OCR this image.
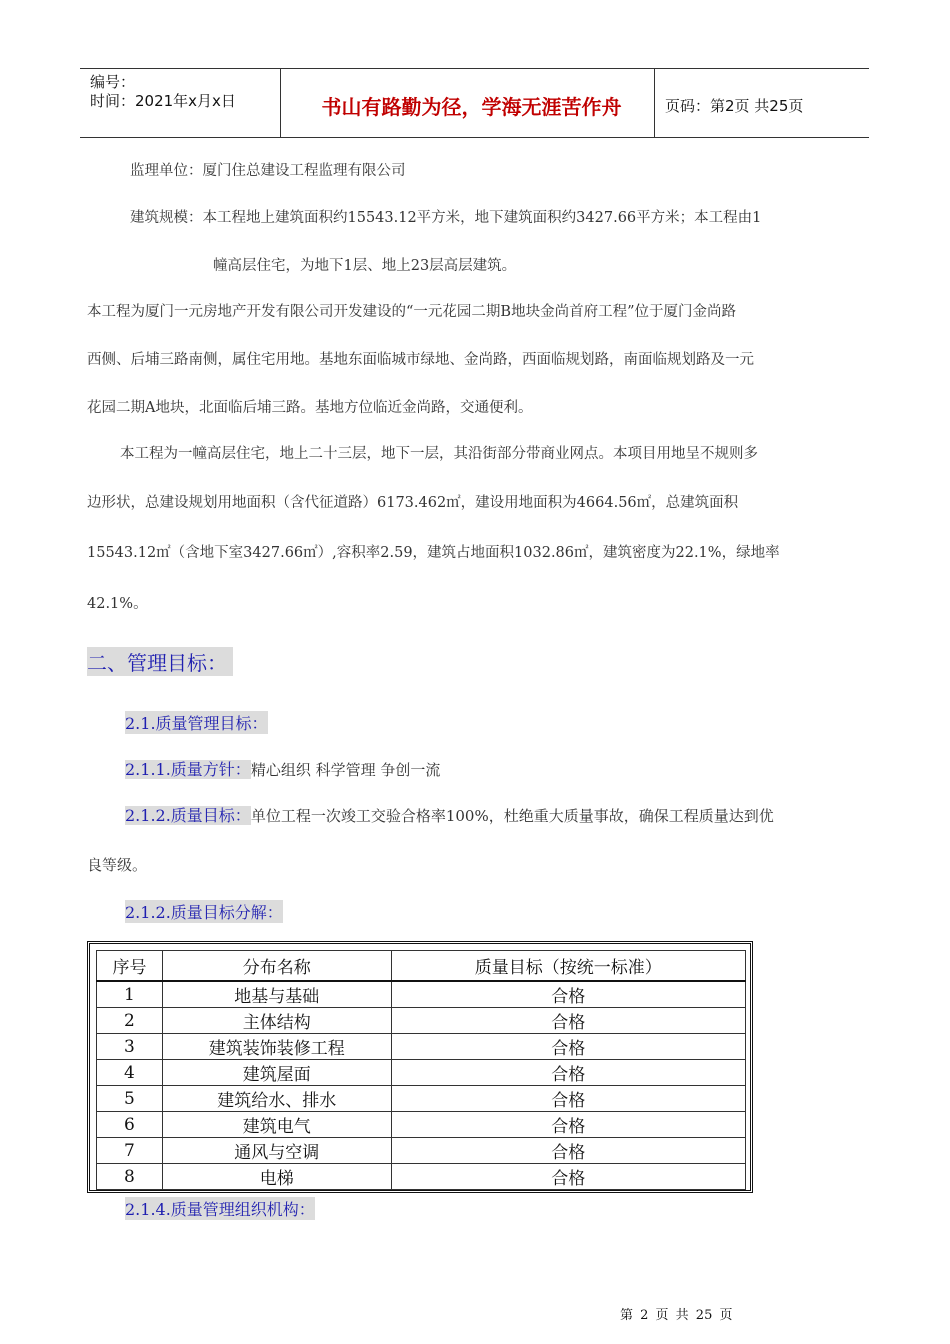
编号：
时间：2021年x月x日	书山有路勤为径，学海无涯苦作舟	页码：第2页 共25页
监理单位：厦门住总建设工程监理有限公司
建筑规模：本工程地上建筑面积约15543.12平方米，地下建筑面积约3427.66平方米；本工程由1
幢高层住宅，为地下1层、地上23层高层建筑。
本工程为厦门一元房地产开发有限公司开发建设的“一元花园二期B地块金尚首府工程”位于厦门金尚路
西侧、后埔三路南侧，属住宅用地。基地东面临城市绿地、金尚路，西面临规划路，南面临规划路及一元
花园二期A地块，北面临后埔三路。基地方位临近金尚路，交通便利。
本工程为一幢高层住宅，地上二十三层，地下一层，其沿街部分带商业网点。本项目用地呈不规则多
边形状，总建设规划用地面积（含代征道路）6173.462㎡，建设用地面积为4664.56㎡，总建筑面积
15543.12㎡（含地下室3427.66㎡）,容积率2.59，建筑占地面积1032.86㎡，建筑密度为22.1%，绿地率
42.1%。
二、管理目标：
2.1.质量管理目标：
2.1.1.质量方针：精心组织 科学管理 争创一流
2.1.2.质量目标：单位工程一次竣工交验合格率100%，杜绝重大质量事故，确保工程质量达到优
良等级。
2.1.2.质量目标分解：
序号	分布名称	质量目标（按统一标准）
1	地基与基础	合格
2	主体结构	合格
3	建筑装饰装修工程	合格
4	建筑屋面	合格
5	建筑给水、排水	合格
6	建筑电气	合格
7	通风与空调	合格
8	电梯	合格
2.1.4.质量管理组织机构：
第 2 页 共 25 页
